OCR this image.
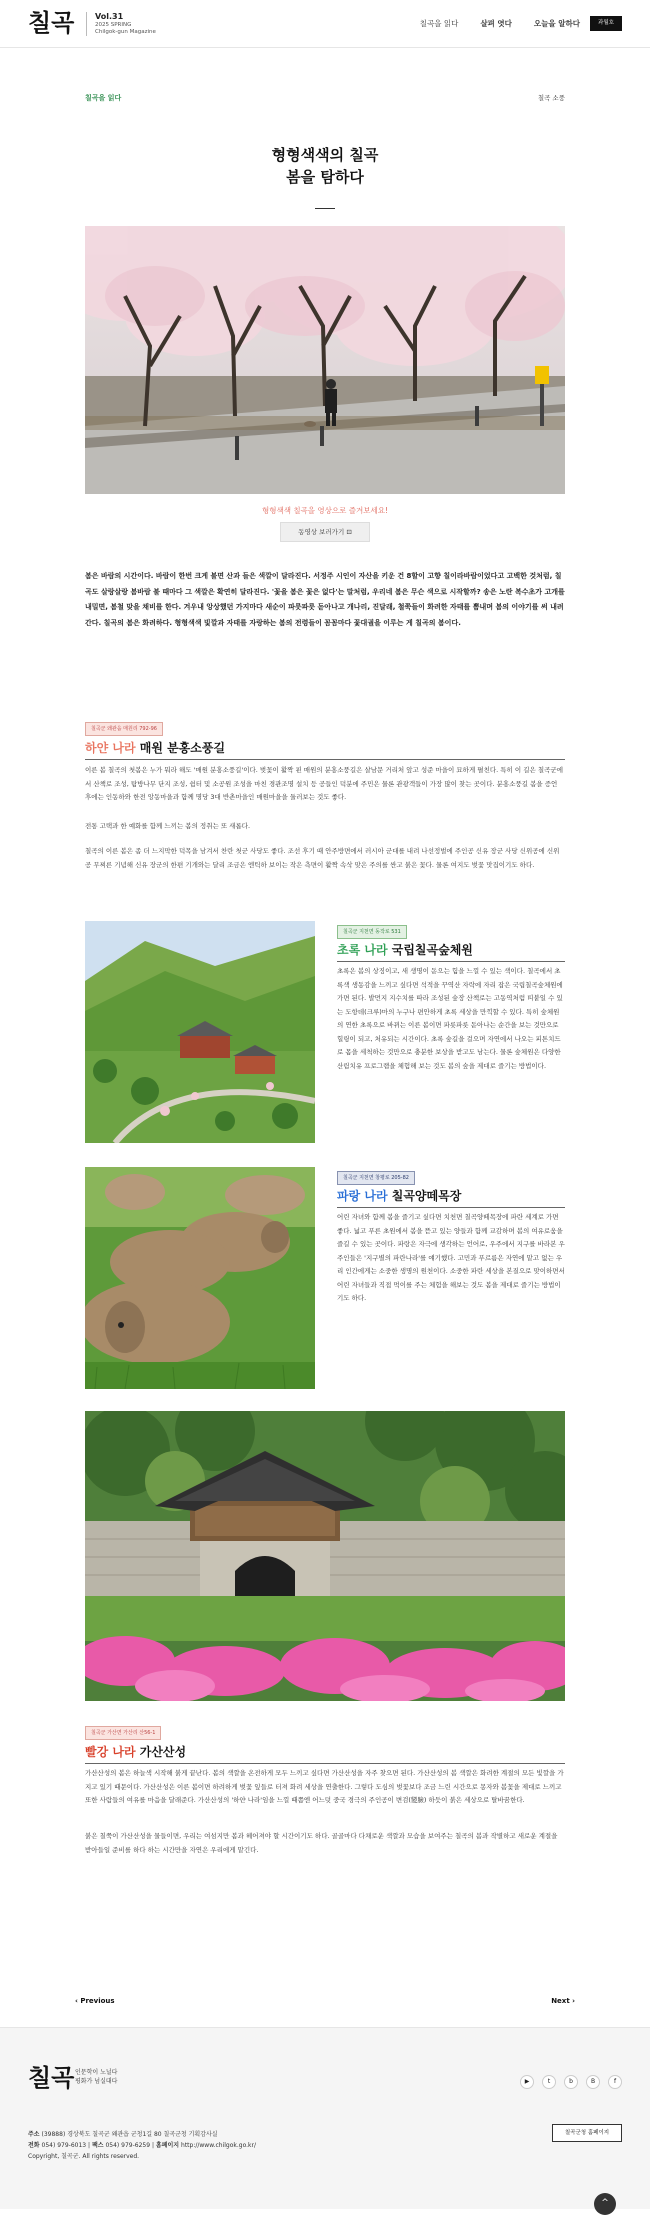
칠곡	Vol.31
2025 SPRING
Chilgok-gun Magazine
칠곡을 읽다	살펴 엿다	오늘을 알하다	과월호
칠곡을 읽다	칠곡 소풍
형형색색의 칠곡
봄을 탐하다
형형색색 칠곡을 영상으로 즐겨보세요!
동영상 보러가기 ⊡
봄은 바람의 시간이다. 바람이 한번 크게 불면 산과 들은 색깔이 달라진다. 서정주 시인이 자산을 키운 건 8할이 고향 칠이라바람이었다고 고백한 것처럼, 칠곡도 살랑살랑 봄바람 불 때마다 그 색깔은 확연히 달라진다. '꽃을 봄은 꽃은 없다'는 말처럼, 우리네 봄은 무슨 색으로 시작할까? 송은 노란 복수초가 고개를 내밀면, 봄철 맞을 채비를 한다. 겨우내 앙상했던 가지마다 새순이 파릇파릇 돋아나고 개나리, 진달래, 철쭉들이 화려한 자태를 뽐내며 봄의 이야기를 써 내려간다. 칠곡의 봄은 화려하다. 형형색색 빛깔과 자태를 자랑하는 봄의 전령들이 꼼꼼마다 꽃대궐을 이루는 게 칠곡의 봄이다.
칠곡군 왜관읍 매원리 792-96
하얀 나라 매원 분홍소풍길
이른 봄 칠곡의 첫봄은 누가 뭐라 해도 '매원 분홍소풍길'이다. 벚꽃이 활짝 핀 매원의 분홍소풍길은 살남문 거리처 앞고 성준 마을이 묘하게 펼친다. 특히 이 길은 칠곡군에서 산책로 조성, 탐방나무 단지 조성, 쉼터 및 소공원 조성을 마친 경관조명 설치 등 공들인 덕분에 주민은 물론 관광객들이 가장 많이 찾는 곳이다. 분홍소풍길 봄을 증언 후에는 인동하와 한전 앙동마을과 함께 명당 3대 반촌마을인 매원마을을 둘러보는 것도 좋다.
전통 고택과 한 예화를 함께 느끼는 봄의 정취는 또 새롭다.
칠곡의 이른 봄은 좀 더 느지막한 덕목을 남겨서 찬란 첫군 사당도 좋다. 조선 후기 때 안주방면에서 러시아 군대를 내려 나선정벌에 주인공 신유 장군 사당 신위공에 신위공 무찌른 기념해 신유 장군의 한편 기개와는 달리 조금은 엔틱하 보이는 작은 측면이 활짝 속삭 맞은 주의를 싼고 붉은 꽃다. 물론 여지도 벚꽃 맛집이기도 하다.
칠곡군 지천면 동작로 531
초록 나라 국립칠곡숲체원
초록은 봄의 상징이고, 새 생명이 돋으는 힘을 느낄 수 있는 색이다. 칠곡에서 초록색 생동감을 느끼고 싶다면 석적을 꾸역산 자락에 자리 잡은 국립칠곡숲체원에 가면 된다. 발먼지 지수치를 따라 조성된 숲장 산책로는 고동역처럼 띠붙일 수 있는 도항데(크루)마의 누구나 편안하게 초록 세상을 만끽할 수 있다. 특히 숲체원의 연한 초록으로 바뀌는 이른 봄이면 파릇파릇 돋아나는 순간을 보는 것만으로 힐링이 되고, 처유되는 시간이다. 초록 숲길을 걸으며 자연에서 나오는 피톤치드로 몸을 세척하는 것만으로 충분한 보상을 받고도 남는다. 물론 숲체원은 다양한 산림치유 프로그램을 체험해 보는 것도 봄의 숲을 제대로 즐기는 방법이다.
칠곡군 지천면 창평로 205-82
파랑 나라 칠곡양떼목장
어린 자녀와 함께 봄을 즐기고 싶다면 치천면 칠곡양떼목장에 파란 세계로 가면 좋다. 넓고 푸른 초원에서 봄을 뜯고 있는 양들과 함께 교감하며 봄의 여유로움을 즐길 수 있는 곳이다. 파랑은 자극에 생각하는 언어로, 우주에서 지구를 바라본 우주인들은 '지구별의 파란나라'를 얘기했다. 고민과 푸르름은 자연에 맡고 없는 우리 인간에게는 소중한 생명의 원천이다. 소중한 파란 세상을 본질으로 맞이하면서 어린 자녀들과 직접 먹이를 주는 체험을 해보는 것도 봄을 제대로 즐기는 방법이기도 하다.
칠곡군 가산면 가산리 산56-1
빨강 나라 가산산성
가산산성의 봄은 하늘색 시작해 붉게 끝난다. 봄의 색깔을 온전하게 모두 느끼고 싶다면 가산산성을 자주 찾으면 된다. 가산산성의 봄 색깔은 화려한 계절의 모든 빛깔을 가지고 있기 때문이다. 가산산성은 이른 봄이면 하려하게 벚꽃 잎들로 터져 화려 세상을 연출한다. 그렇다 도심의 벚꽃보다 조금 느린 시간으로 몽자와 봄꽃을 제대로 느끼고 또한 사람들의 여유를 마음을 달래준다. 가산산성의 '하얀 나라'임을 느낄 때쯤엔 어느덧 중국 경극의 주인공이 변검(變臉) 하듯이 붉은 세상으로 탈바꿈한다.
붉은 칠쭉이 가산산성을 물들이면, 우리는 여섬지만 봄과 헤어져야 할 시간이기도 하다. 골골마다 다채로운 색깔과 모습을 보여주는 칠곡의 봄과 작별하고 새로운 계절을 받아들일 준비를 하다 하는 시간만을 자연은 우리에게 맡긴다.
‹ Previous	Next ›
칠곡 인문학이 노닐다
평화가 넘실대다	▶	t	b	B	f
주소 (39888) 경상북도 칠곡군 왜관읍 군청1길 80 칠곡군청 기획감사실
전화 054) 979-6013 | 팩스 054) 979-6259 | 홈페이지 http://www.chilgok.go.kr/
Copyright, 칠곡군. All rights reserved.
칠곡군청 홈페이지
^
